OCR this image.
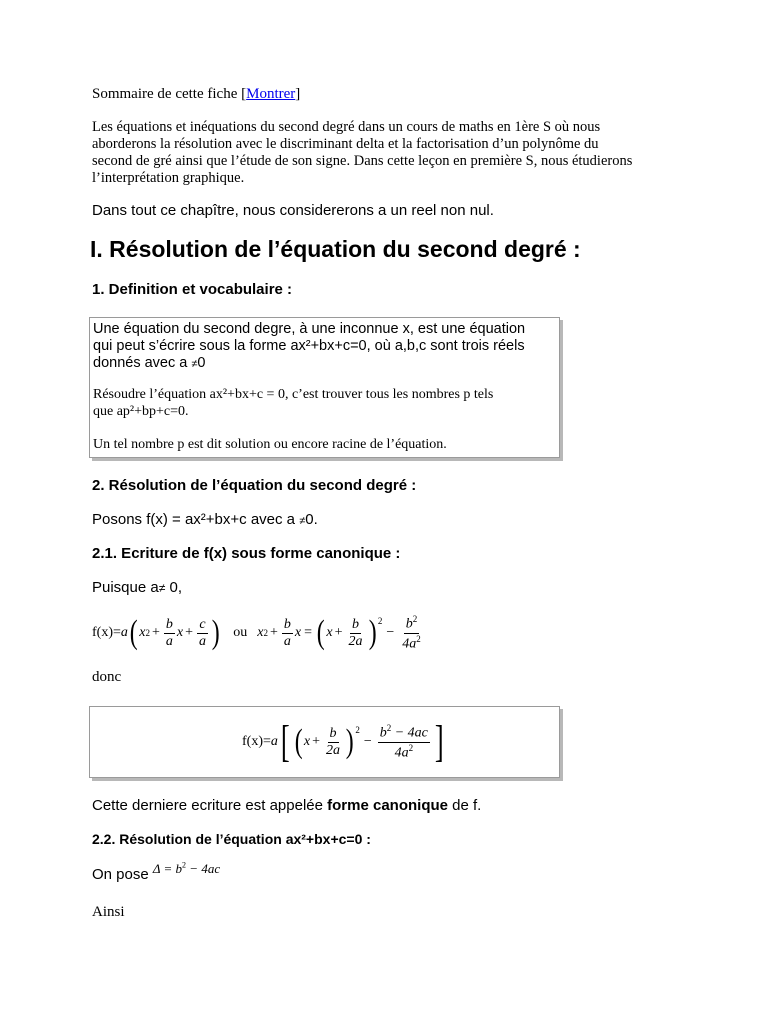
Sommaire de cette fiche [Montrer]
Les équations et inéquations du second degré dans un cours de maths en 1ère S où nous
aborderons la résolution avec le discriminant delta et la factorisation d’un polynôme du
second de gré ainsi que l’étude de son signe. Dans cette leçon en première S, nous étudierons
l’interprétation graphique.
Dans tout ce chapître, nous considererons a un reel non nul.
I. Résolution de l’équation du second degré :
1. Definition et vocabulaire :
Une équation du second degre, à une inconnue x, est une équation
qui peut s’écrire sous la forme ax²+bx+c=0, où a,b,c sont trois réels
donnés avec a ≠0
Résoudre l’équation ax²+bx+c = 0, c’est trouver tous les nombres p tels
que ap²+bp+c=0.
Un tel nombre p est dit solution ou encore racine de l’équation.
2. Résolution de l’équation du second degré :
Posons f(x) = ax²+bx+c avec a ≠0.
2.1. Ecriture de f(x) sous forme canonique :
Puisque a≠ 0,
f(x)= a ( x $2 + \frac{b}{a}$ $x + \frac{c}{a}$ ) ou x $2 + \frac{b}{a}$ x = ( $x + \frac{b}{2a} )^2$
− $\frac{b^2}{4a^2}$
donc
f(x)= a [ ( $x + \frac{b}{2a} )^2$
− $\frac{b^2 - 4ac}{4a^2}$ ]
Cette derniere ecriture est appelée forme canonique de f.
2.2. Résolution de l’équation ax²+bx+c=0 :
On pose $^{\Delta = b^2 - 4ac}$
Ainsi
